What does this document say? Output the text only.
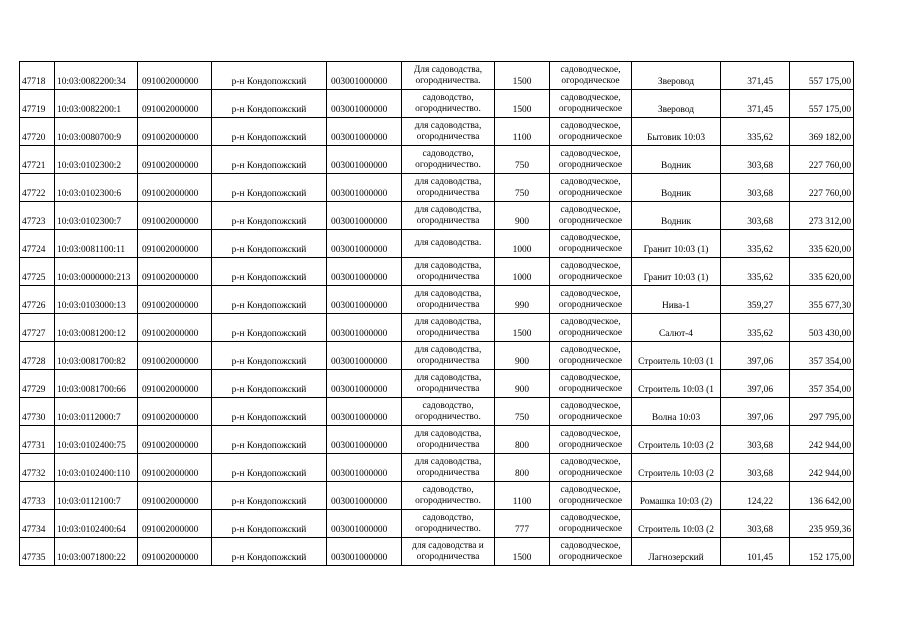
47718	10:03:0082200:34	091002000000	р-н Кондопожский	003001000000	Для садоводства,
огородничества.	1500	садоводческое,
огороднческое	Зверовод	371,45	557 175,00
47719	10:03:0082200:1	091002000000	р-н Кондопожский	003001000000	садоводство,
огородничество.	1500	садоводческое,
огородническое	Зверовод	371,45	557 175,00
47720	10:03:0080700:9	091002000000	р-н Кондопожский	003001000000	для садоводства,
огородничества	1100	садоводческое,
огородническое	Бытовик 10:03	335,62	369 182,00
47721	10:03:0102300:2	091002000000	р-н Кондопожский	003001000000	садоводство,
огородничество.	750	садоводческое,
огородническое	Водник	303,68	227 760,00
47722	10:03:0102300:6	091002000000	р-н Кондопожский	003001000000	для садоводства,
огородничества	750	садоводческое,
огородническое	Водник	303,68	227 760,00
47723	10:03:0102300:7	091002000000	р-н Кондопожский	003001000000	для садоводства,
огородничества	900	садоводческое,
огородническое	Водник	303,68	273 312,00
47724	10:03:0081100:11	091002000000	р-н Кондопожский	003001000000	для садоводства.	1000	садоводческое,
огородническое	Гранит 10:03 (1)	335,62	335 620,00
47725	10:03:0000000:213	091002000000	р-н Кондопожский	003001000000	для садоводства,
огородничества	1000	садоводческое,
огородническое	Гранит 10:03 (1)	335,62	335 620,00
47726	10:03:0103000:13	091002000000	р-н Кондопожский	003001000000	для садоводства,
огородничества	990	садоводческое,
огородническое	Нива-1	359,27	355 677,30
47727	10:03:0081200:12	091002000000	р-н Кондопожский	003001000000	для садоводства,
огородничества	1500	садоводческое,
огородническое	Салют-4	335,62	503 430,00
47728	10:03:0081700:82	091002000000	р-н Кондопожский	003001000000	для садоводства,
огородничества	900	садоводческое,
огородническое	Строитель 10:03 (1	397,06	357 354,00
47729	10:03:0081700:66	091002000000	р-н Кондопожский	003001000000	для садоводства,
огородничества	900	садоводческое,
огородническое	Строитель 10:03 (1	397,06	357 354,00
47730	10:03:0112000:7	091002000000	р-н Кондопожский	003001000000	садоводство,
огородничество.	750	садоводческое,
огородническое	Волна 10:03	397,06	297 795,00
47731	10:03:0102400:75	091002000000	р-н Кондопожский	003001000000	для садоводства,
огородничества	800	садоводческое,
огородническое	Строитель 10:03 (2	303,68	242 944,00
47732	10:03:0102400:110	091002000000	р-н Кондопожский	003001000000	для садоводства,
огородничества	800	садоводческое,
огородническое	Строитель 10:03 (2	303,68	242 944,00
47733	10:03:0112100:7	091002000000	р-н Кондопожский	003001000000	садоводство,
огородничество.	1100	садоводческое,
огородническое	Ромашка 10:03 (2)	124,22	136 642,00
47734	10:03:0102400:64	091002000000	р-н Кондопожский	003001000000	садоводство,
огородничество.	777	садоводческое,
огородническое	Строитель 10:03 (2	303,68	235 959,36
47735	10:03:0071800:22	091002000000	р-н Кондопожский	003001000000	для садоводства и
огородничества	1500	садоводческое,
огородническое	Лагнозерский	101,45	152 175,00
